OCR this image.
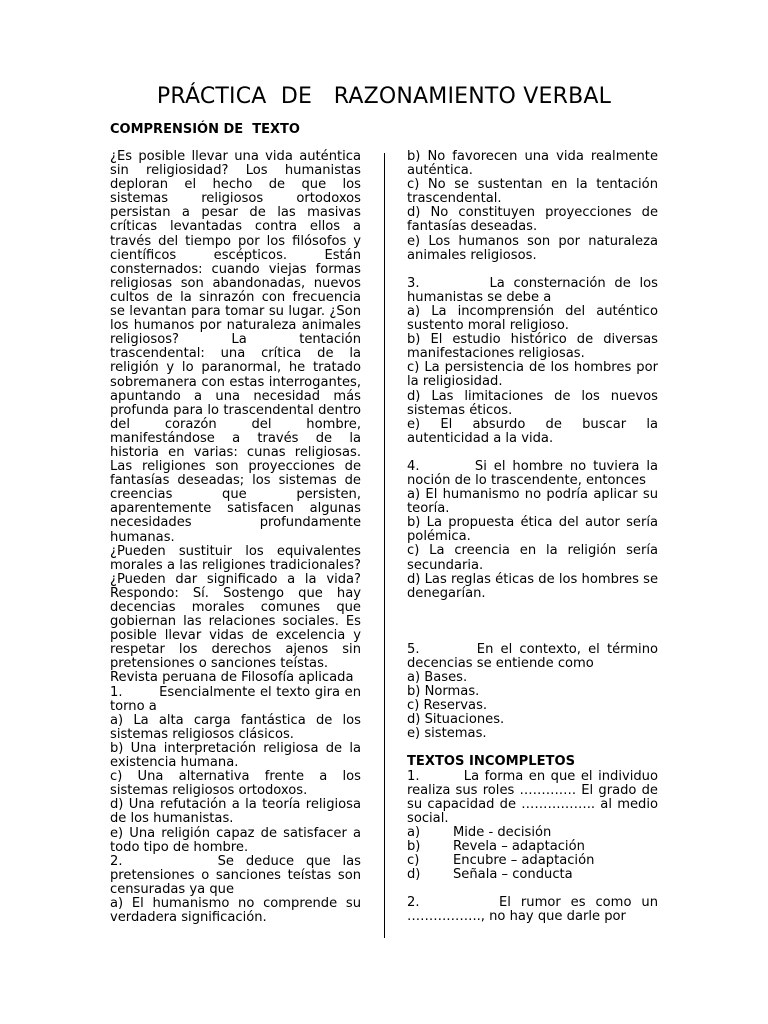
PRÁCTICA  DE   RAZONAMIENTO VERBAL
COMPRENSIÓN DE  TEXTO

¿Es posible llevar una vida auténtica sin religiosidad? Los humanistas deploran el hecho de que los sistemas religiosos ortodoxos persistan a pesar de las masivas críticas levantadas contra ellos a través del tiempo por los filósofos y científicos escépticos. Están consternados: cuando viejas formas religiosas son abandonadas, nuevos cultos de la sinrazón con frecuencia se levantan para tomar su lugar. ¿Son los humanos por naturaleza animales religiosos? La tentación trascendental: una crítica de la religión y lo paranormal, he tratado sobremanera con estas interrogantes, apuntando a una necesidad más profunda para lo trascendental dentro del corazón del hombre, manifestándose a través de la historia en varias: cunas religiosas. Las religiones son proyecciones de fantasías deseadas; los sistemas de creencias que persisten, aparentemente satisfacen algunas necesidades profundamente humanas.

¿Pueden sustituir los equivalentes morales a las religiones tradicionales? ¿Pueden dar significado a la vida? Respondo: Sí. Sostengo que hay decencias morales comunes que gobiernan las relaciones sociales. Es posible llevar vidas de excelencia y respetar los derechos ajenos sin pretensiones o sanciones teístas.

Revista peruana de Filosofía aplicada

1.        Esencialmente el texto gira en torno a

a) La alta carga fantástica de los sistemas religiosos clásicos.

b) Una interpretación religiosa de la existencia humana.

c) Una alternativa frente a los sistemas religiosos ortodoxos.

d) Una refutación a la teoría religiosa de los humanistas.

e) Una religión capaz de satisfacer a todo tipo de hombre.

2.        Se deduce que las pretensiones o sanciones teístas son censuradas ya que

a) El humanismo no comprende su verdadera significación.

b) No favorecen una vida realmente auténtica.

c) No se sustentan en la tentación trascendental.

d) No constituyen proyecciones de fantasías deseadas.

e) Los humanos son por naturaleza animales religiosos.

3.        La consternación de los humanistas se debe a

a) La incomprensión del auténtico sustento moral religioso.

b) El estudio histórico de diversas manifestaciones religiosas.

c) La persistencia de los hombres por la religiosidad.

d) Las limitaciones de los nuevos sistemas éticos.

e) El absurdo de buscar la autenticidad a la vida.

4.        Si el hombre no tuviera la noción de lo trascendente, entonces

a) El humanismo no podría aplicar su teoría.

b) La propuesta ética del autor sería polémica.

c) La creencia en la religión sería secundaria.

d) Las reglas éticas de los hombres se denegarían.

5.        En el contexto, el término decencias se entiende como

a) Bases.

b) Normas.

c) Reservas.

d) Situaciones.

e) sistemas.

TEXTOS INCOMPLETOS

1.        La forma en que el individuo realiza sus roles …………. El grado de su capacidad de …………….. al medio social.

a)	Mide - decisión
b)	Revela – adaptación
c)	Encubre – adaptación
d)	Señala – conducta

2.        El rumor es como un …………….., no hay que darle por
